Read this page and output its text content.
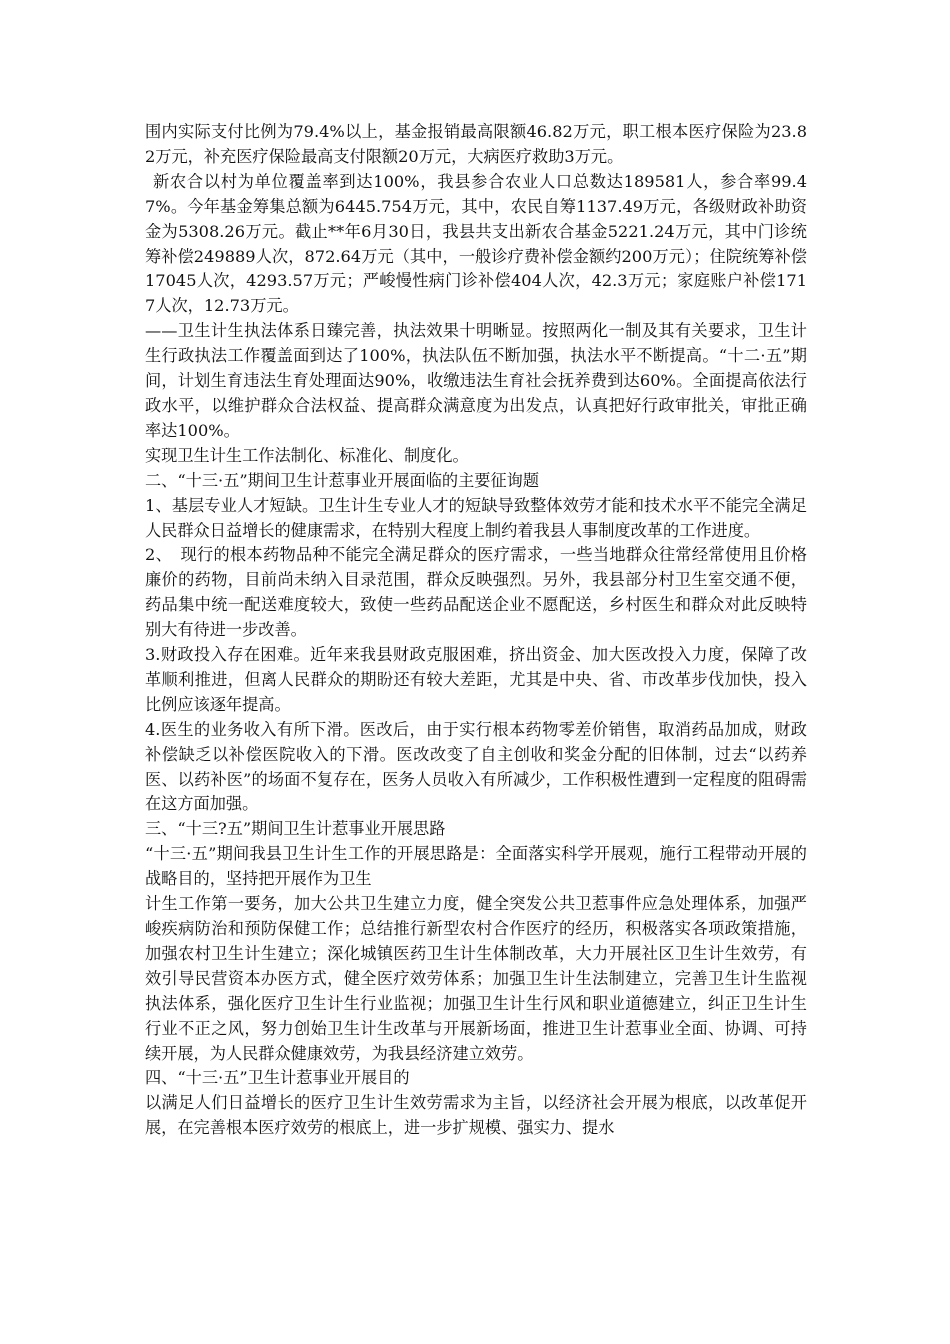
围内实际支付比例为79.4%以上，基金报销最高限额46.82万元，职工根本医疗保险为23.82万元，补充医疗保险最高支付限额20万元，大病医疗救助3万元。

新农合以村为单位覆盖率到达100%，我县参合农业人口总数达189581人，参合率99.47%。今年基金筹集总额为6445.754万元，其中，农民自筹1137.49万元，各级财政补助资金为5308.26万元。截止**年6月30日，我县共支出新农合基金5221.24万元，其中门诊统筹补偿249889人次，872.64万元（其中，一般诊疗费补偿金额约200万元）；住院统筹补偿17045人次，4293.57万元；严峻慢性病门诊补偿404人次，42.3万元；家庭账户补偿1717人次，12.73万元。

——卫生计生执法体系日臻完善，执法效果十明晰显。按照两化一制及其有关要求，卫生计生行政执法工作覆盖面到达了100%，执法队伍不断加强，执法水平不断提高。“十二·五”期间，计划生育违法生育处理面达90%，收缴违法生育社会抚养费到达60%。全面提高依法行政水平，以维护群众合法权益、提高群众满意度为出发点，认真把好行政审批关，审批正确率达100%。

实现卫生计生工作法制化、标准化、制度化。

二、“十三·五”期间卫生计惹事业开展面临的主要征询题

1、基层专业人才短缺。卫生计生专业人才的短缺导致整体效劳才能和技术水平不能完全满足人民群众日益增长的健康需求，在特别大程度上制约着我县人事制度改革的工作进度。

2、　现行的根本药物品种不能完全满足群众的医疗需求，一些当地群众往常经常使用且价格廉价的药物，目前尚未纳入目录范围，群众反映强烈。另外，我县部分村卫生室交通不便，药品集中统一配送难度较大，致使一些药品配送企业不愿配送，乡村医生和群众对此反映特别大有待进一步改善。

3.财政投入存在困难。近年来我县财政克服困难，挤出资金、加大医改投入力度，保障了改革顺利推进，但离人民群众的期盼还有较大差距，尤其是中央、省、市改革步伐加快，投入比例应该逐年提高。

4.医生的业务收入有所下滑。医改后，由于实行根本药物零差价销售，取消药品加成，财政补偿缺乏以补偿医院收入的下滑。医改改变了自主创收和奖金分配的旧体制，过去“以药养医、以药补医”的场面不复存在，医务人员收入有所减少，工作积极性遭到一定程度的阻碍需在这方面加强。

三、“十三?五”期间卫生计惹事业开展思路

“十三·五”期间我县卫生计生工作的开展思路是：全面落实科学开展观，施行工程带动开展的战略目的，坚持把开展作为卫生

计生工作第一要务，加大公共卫生建立力度，健全突发公共卫惹事件应急处理体系，加强严峻疾病防治和预防保健工作；总结推行新型农村合作医疗的经历，积极落实各项政策措施，加强农村卫生计生建立；深化城镇医药卫生计生体制改革，大力开展社区卫生计生效劳，有效引导民营资本办医方式，健全医疗效劳体系；加强卫生计生法制建立，完善卫生计生监视执法体系，强化医疗卫生计生行业监视；加强卫生计生行风和职业道德建立，纠正卫生计生行业不正之风，努力创始卫生计生改革与开展新场面，推进卫生计惹事业全面、协调、可持续开展，为人民群众健康效劳，为我县经济建立效劳。

四、“十三·五”卫生计惹事业开展目的

以满足人们日益增长的医疗卫生计生效劳需求为主旨，以经济社会开展为根底，以改革促开展，在完善根本医疗效劳的根底上，进一步扩规模、强实力、提水
